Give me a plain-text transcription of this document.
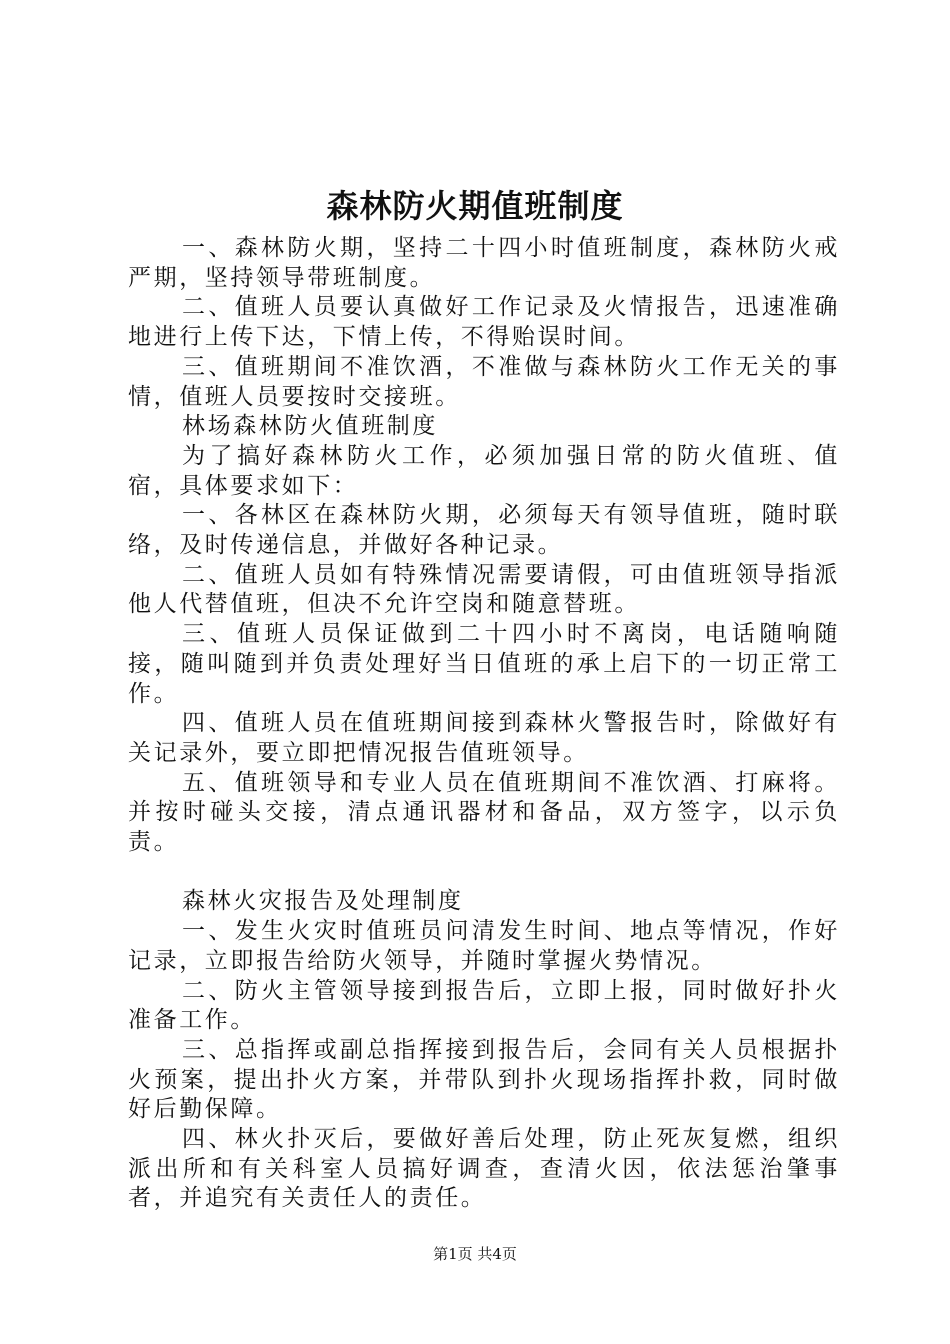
森林防火期值班制度

一、森林防火期，坚持二十四小时值班制度，森林防火戒严期，坚持领导带班制度。

二、值班人员要认真做好工作记录及火情报告，迅速准确地进行上传下达，下情上传，不得贻误时间。

三、值班期间不准饮酒，不准做与森林防火工作无关的事情，值班人员要按时交接班。

林场森林防火值班制度

为了搞好森林防火工作，必须加强日常的防火值班、值宿，具体要求如下：

一、各林区在森林防火期，必须每天有领导值班，随时联络，及时传递信息，并做好各种记录。

二、值班人员如有特殊情况需要请假，可由值班领导指派他人代替值班，但决不允许空岗和随意替班。

三、值班人员保证做到二十四小时不离岗，电话随响随接，随叫随到并负责处理好当日值班的承上启下的一切正常工作。

四、值班人员在值班期间接到森林火警报告时，除做好有关记录外，要立即把情况报告值班领导。

五、值班领导和专业人员在值班期间不准饮酒、打麻将。并按时碰头交接，清点通讯器材和备品，双方签字，以示负责。

森林火灾报告及处理制度

一、发生火灾时值班员问清发生时间、地点等情况，作好记录，立即报告给防火领导，并随时掌握火势情况。

二、防火主管领导接到报告后，立即上报，同时做好扑火准备工作。

三、总指挥或副总指挥接到报告后，会同有关人员根据扑火预案，提出扑火方案，并带队到扑火现场指挥扑救，同时做好后勤保障。

四、林火扑灭后，要做好善后处理，防止死灰复燃，组织派出所和有关科室人员搞好调查，查清火因，依法惩治肇事者，并追究有关责任人的责任。

第1页 共4页
